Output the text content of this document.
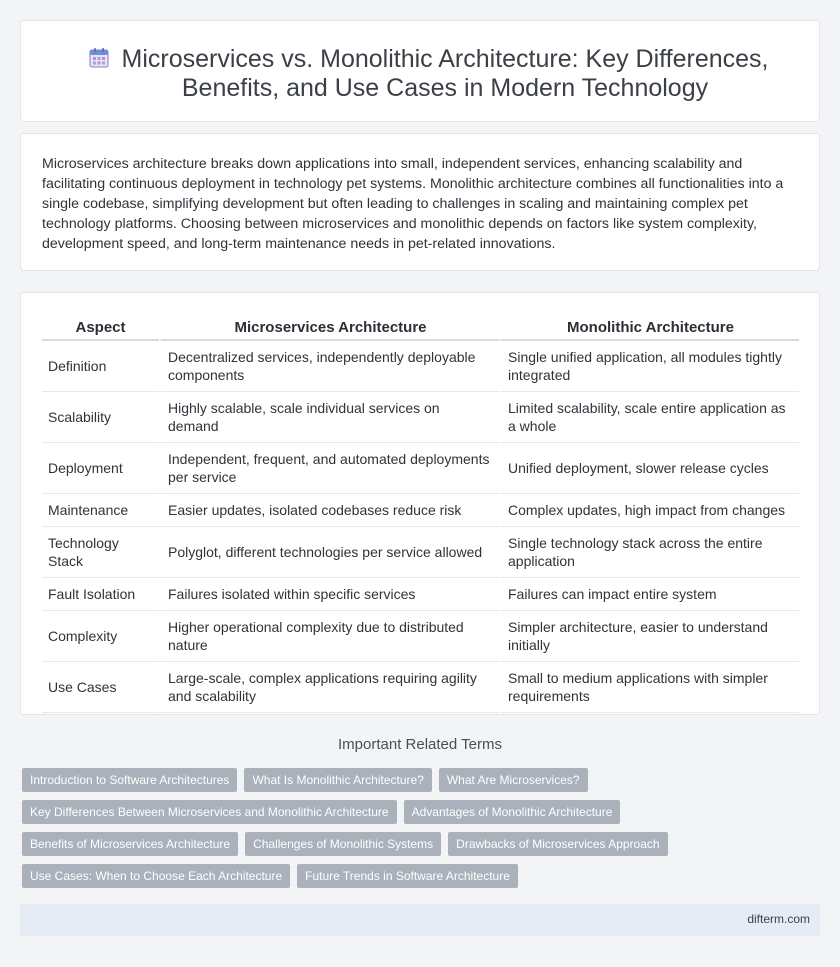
Microservices vs. Monolithic Architecture: Key Differences, Benefits, and Use Cases in Modern Technology

Microservices architecture breaks down applications into small, independent services, enhancing scalability and facilitating continuous deployment in technology pet systems. Monolithic architecture combines all functionalities into a single codebase, simplifying development but often leading to challenges in scaling and maintaining complex pet technology platforms. Choosing between microservices and monolithic depends on factors like system complexity, development speed, and long-term maintenance needs in pet-related innovations.

Aspect	Microservices Architecture	Monolithic Architecture
Definition	Decentralized services, independently deployable components	Single unified application, all modules tightly integrated
Scalability	Highly scalable, scale individual services on demand	Limited scalability, scale entire application as a whole
Deployment	Independent, frequent, and automated deployments per service	Unified deployment, slower release cycles
Maintenance	Easier updates, isolated codebases reduce risk	Complex updates, high impact from changes
Technology Stack	Polyglot, different technologies per service allowed	Single technology stack across the entire application
Fault Isolation	Failures isolated within specific services	Failures can impact entire system
Complexity	Higher operational complexity due to distributed nature	Simpler architecture, easier to understand initially
Use Cases	Large-scale, complex applications requiring agility and scalability	Small to medium applications with simpler requirements
Important Related Terms
Introduction to Software Architectures What Is Monolithic Architecture? What Are Microservices?
Key Differences Between Microservices and Monolithic Architecture Advantages of Monolithic Architecture
Benefits of Microservices Architecture Challenges of Monolithic Systems Drawbacks of Microservices Approach
Use Cases: When to Choose Each Architecture Future Trends in Software Architecture
difterm.com
